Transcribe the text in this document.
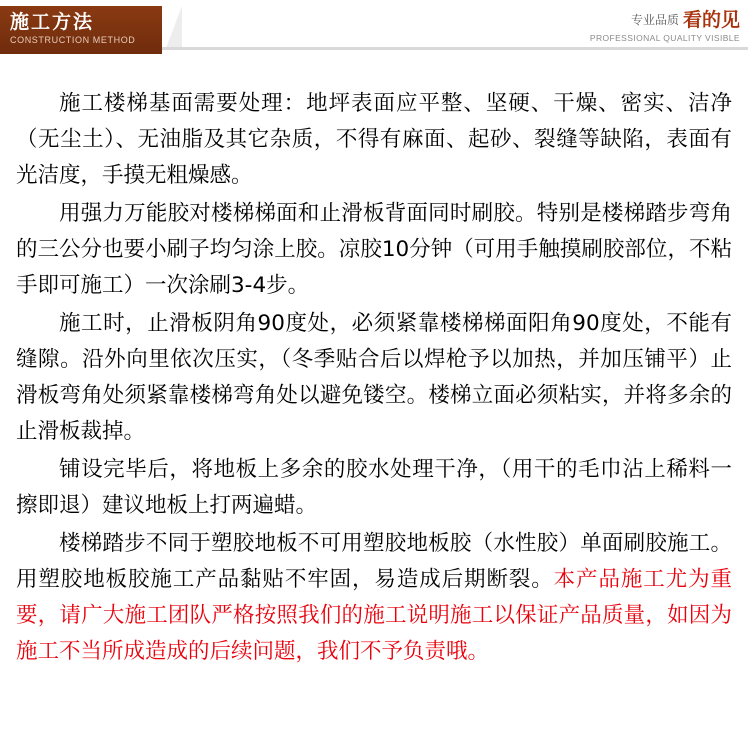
施工方法
CONSTRUCTION METHOD
专业品质 看的见
PROFESSIONAL QUALITY VISIBLE

施工楼梯基面需要处理：地坪表面应平整、坚硬、干燥、密实、洁净（无尘土）、无油脂及其它杂质，不得有麻面、起砂、裂缝等缺陷，表面有光洁度，手摸无粗燥感。

用强力万能胶对楼梯梯面和止滑板背面同时刷胶。特别是楼梯踏步弯角的三公分也要小刷子均匀涂上胶。凉胶10分钟（可用手触摸刷胶部位，不粘手即可施工）一次涂刷3-4步。

施工时，止滑板阴角90度处，必须紧靠楼梯梯面阳角90度处，不能有缝隙。沿外向里依次压实，（冬季贴合后以焊枪予以加热，并加压铺平）止滑板弯角处须紧靠楼梯弯角处以避免镂空。楼梯立面必须粘实，并将多余的止滑板裁掉。

铺设完毕后，将地板上多余的胶水处理干净，（用干的毛巾沾上稀料一擦即退）建议地板上打两遍蜡。

楼梯踏步不同于塑胶地板不可用塑胶地板胶（水性胶）单面刷胶施工。用塑胶地板胶施工产品黏贴不牢固，易造成后期断裂。本产品施工尤为重要，请广大施工团队严格按照我们的施工说明施工以保证产品质量，如因为施工不当所成造成的后续问题，我们不予负责哦。
